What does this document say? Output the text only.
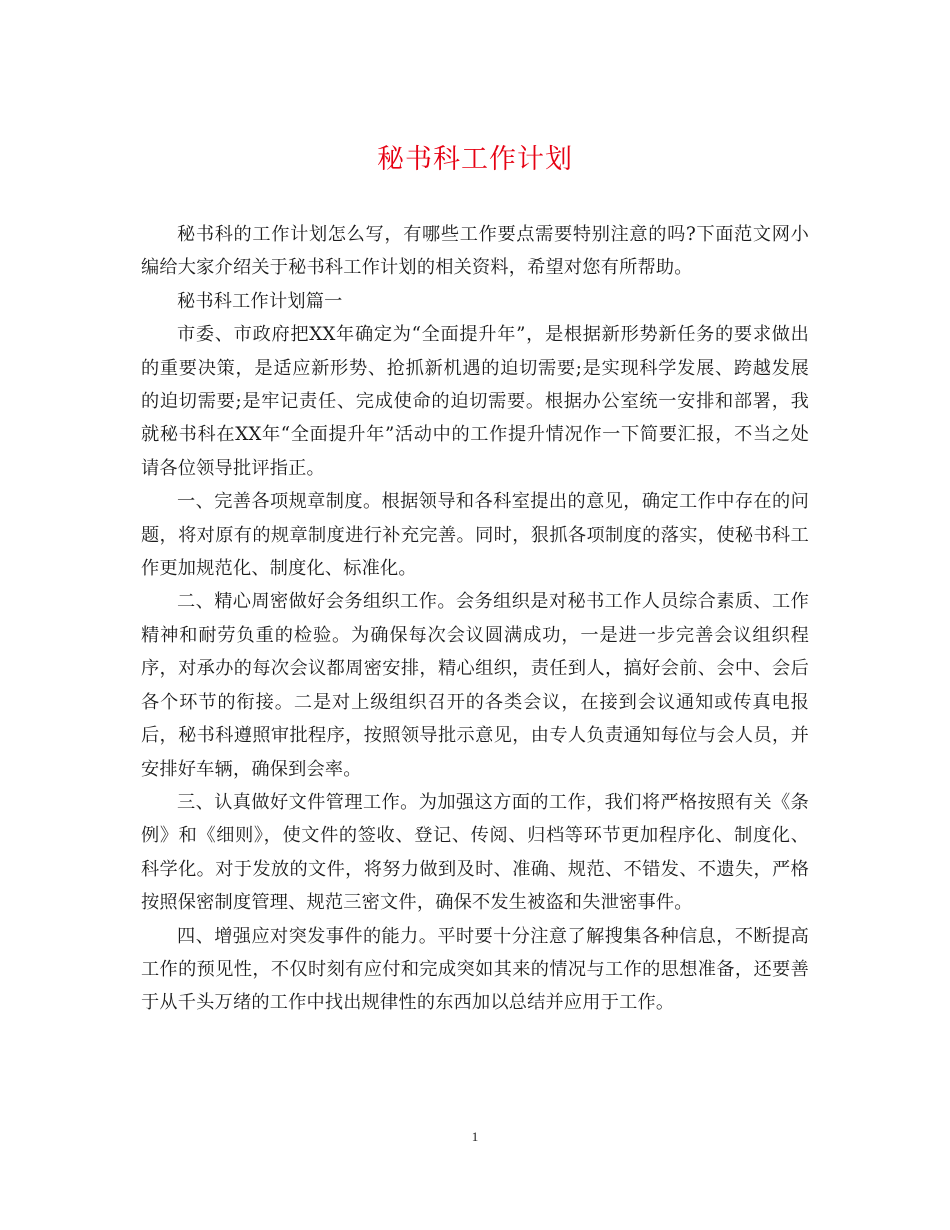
秘书科工作计划

秘书科的工作计划怎么写，有哪些工作要点需要特别注意的吗?下面范文网小编给大家介绍关于秘书科工作计划的相关资料，希望对您有所帮助。

秘书科工作计划篇一

市委、市政府把XX年确定为“全面提升年”，是根据新形势新任务的要求做出的重要决策，是适应新形势、抢抓新机遇的迫切需要;是实现科学发展、跨越发展的迫切需要;是牢记责任、完成使命的迫切需要。根据办公室统一安排和部署，我就秘书科在XX年“全面提升年”活动中的工作提升情况作一下简要汇报，不当之处请各位领导批评指正。

一、完善各项规章制度。根据领导和各科室提出的意见，确定工作中存在的问题，将对原有的规章制度进行补充完善。同时，狠抓各项制度的落实，使秘书科工作更加规范化、制度化、标准化。

二、精心周密做好会务组织工作。会务组织是对秘书工作人员综合素质、工作精神和耐劳负重的检验。为确保每次会议圆满成功，一是进一步完善会议组织程序，对承办的每次会议都周密安排，精心组织，责任到人，搞好会前、会中、会后各个环节的衔接。二是对上级组织召开的各类会议，在接到会议通知或传真电报后，秘书科遵照审批程序，按照领导批示意见，由专人负责通知每位与会人员，并安排好车辆，确保到会率。

三、认真做好文件管理工作。为加强这方面的工作，我们将严格按照有关《条例》和《细则》，使文件的签收、登记、传阅、归档等环节更加程序化、制度化、科学化。对于发放的文件，将努力做到及时、准确、规范、不错发、不遗失，严格按照保密制度管理、规范三密文件，确保不发生被盗和失泄密事件。

四、增强应对突发事件的能力。平时要十分注意了解搜集各种信息，不断提高工作的预见性，不仅时刻有应付和完成突如其来的情况与工作的思想准备，还要善于从千头万绪的工作中找出规律性的东西加以总结并应用于工作。

1
